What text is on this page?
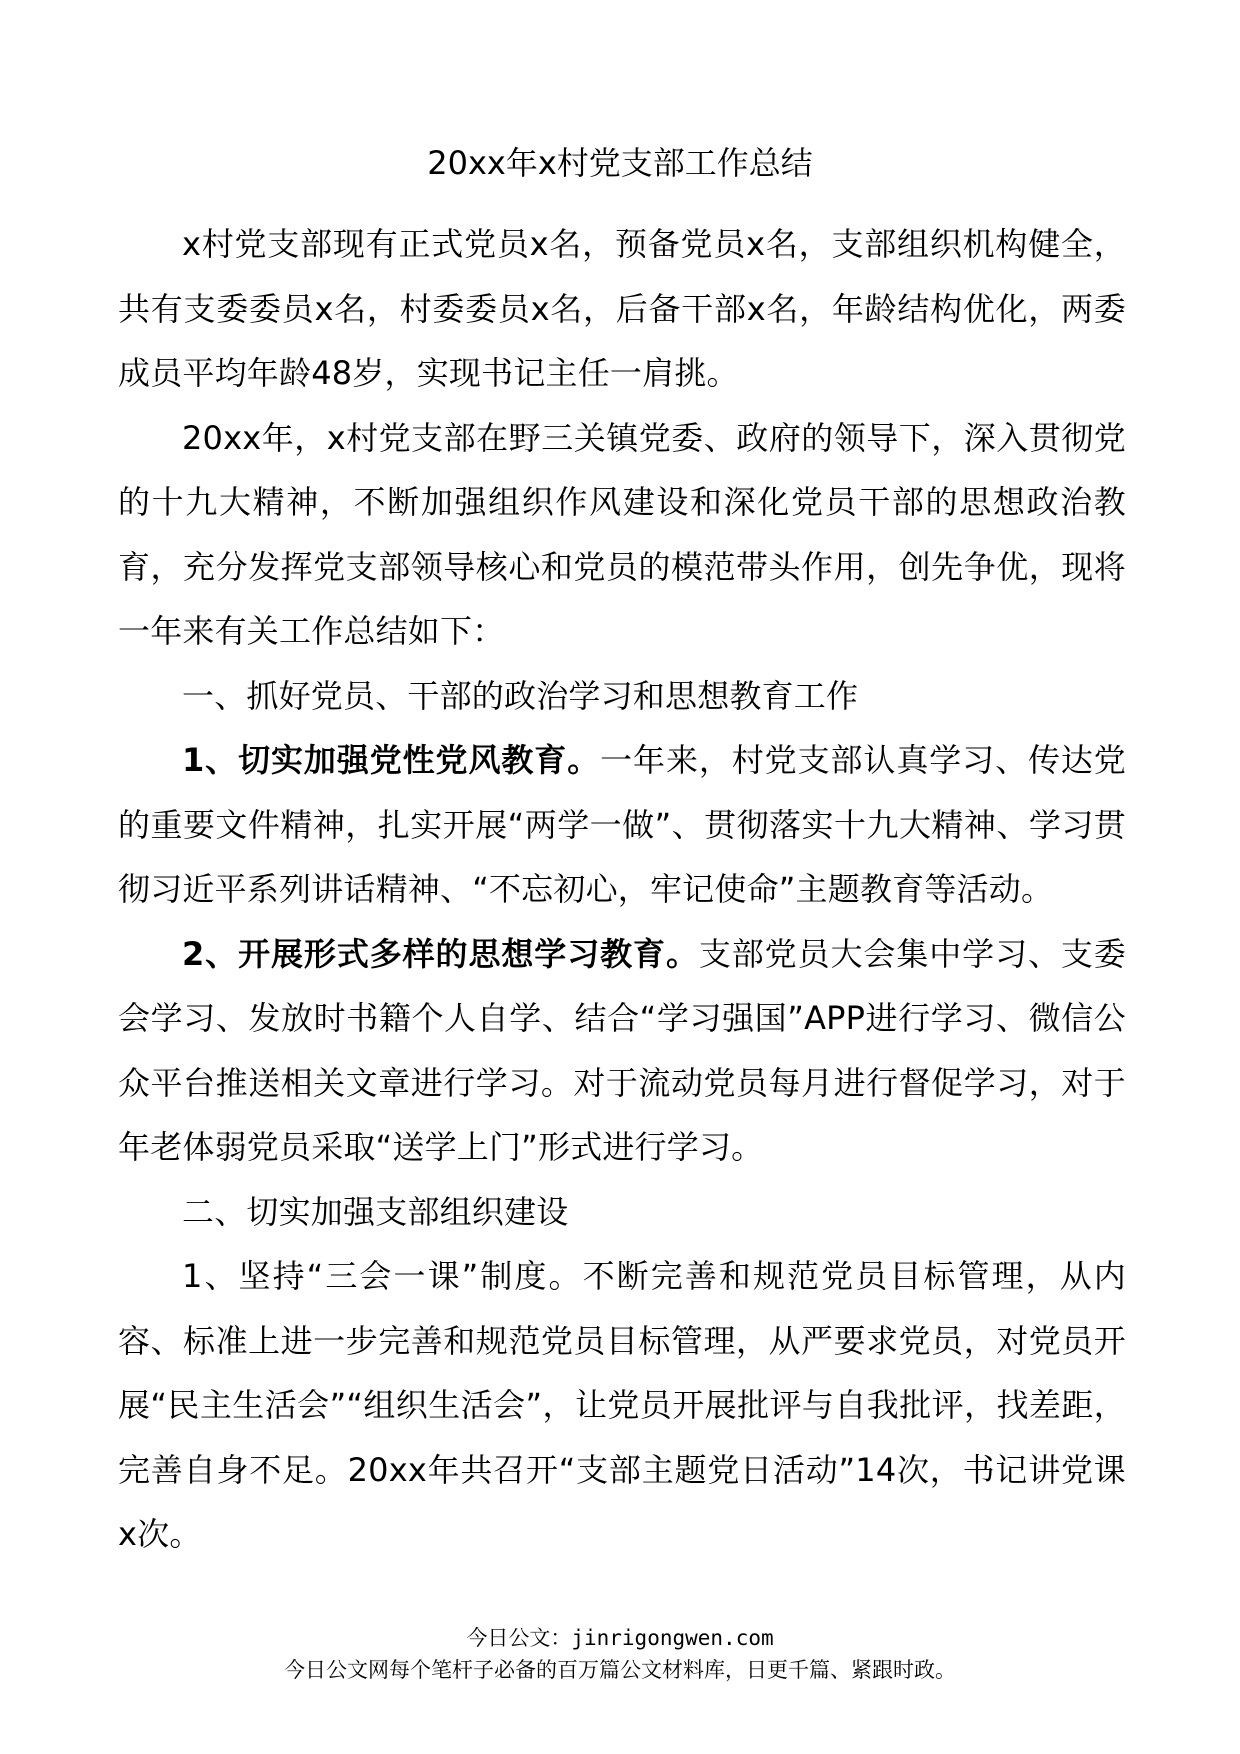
20xx年x村党支部工作总结

x村党支部现有正式党员x名，预备党员x名，支部组织机构健全，共有支委委员x名，村委委员x名，后备干部x名，年龄结构优化，两委成员平均年龄48岁，实现书记主任一肩挑。

20xx年，x村党支部在野三关镇党委、政府的领导下，深入贯彻党的十九大精神，不断加强组织作风建设和深化党员干部的思想政治教育，充分发挥党支部领导核心和党员的模范带头作用，创先争优，现将一年来有关工作总结如下：

一、抓好党员、干部的政治学习和思想教育工作

1、切实加强党性党风教育。一年来，村党支部认真学习、传达党的重要文件精神，扎实开展“两学一做”、贯彻落实十九大精神、学习贯彻习近平系列讲话精神、“不忘初心，牢记使命”主题教育等活动。

2、开展形式多样的思想学习教育。支部党员大会集中学习、支委会学习、发放时书籍个人自学、结合“学习强国”APP进行学习、微信公众平台推送相关文章进行学习。对于流动党员每月进行督促学习，对于年老体弱党员采取“送学上门”形式进行学习。

二、切实加强支部组织建设

1、坚持“三会一课”制度。不断完善和规范党员目标管理，从内容、标准上进一步完善和规范党员目标管理，从严要求党员，对党员开展“民主生活会”“组织生活会”，让党员开展批评与自我批评，找差距，完善自身不足。20xx年共召开“支部主题党日活动”14次，书记讲党课x次。

今日公文：jinrigongwen.com
今日公文网每个笔杆子必备的百万篇公文材料库，日更千篇、紧跟时政。
